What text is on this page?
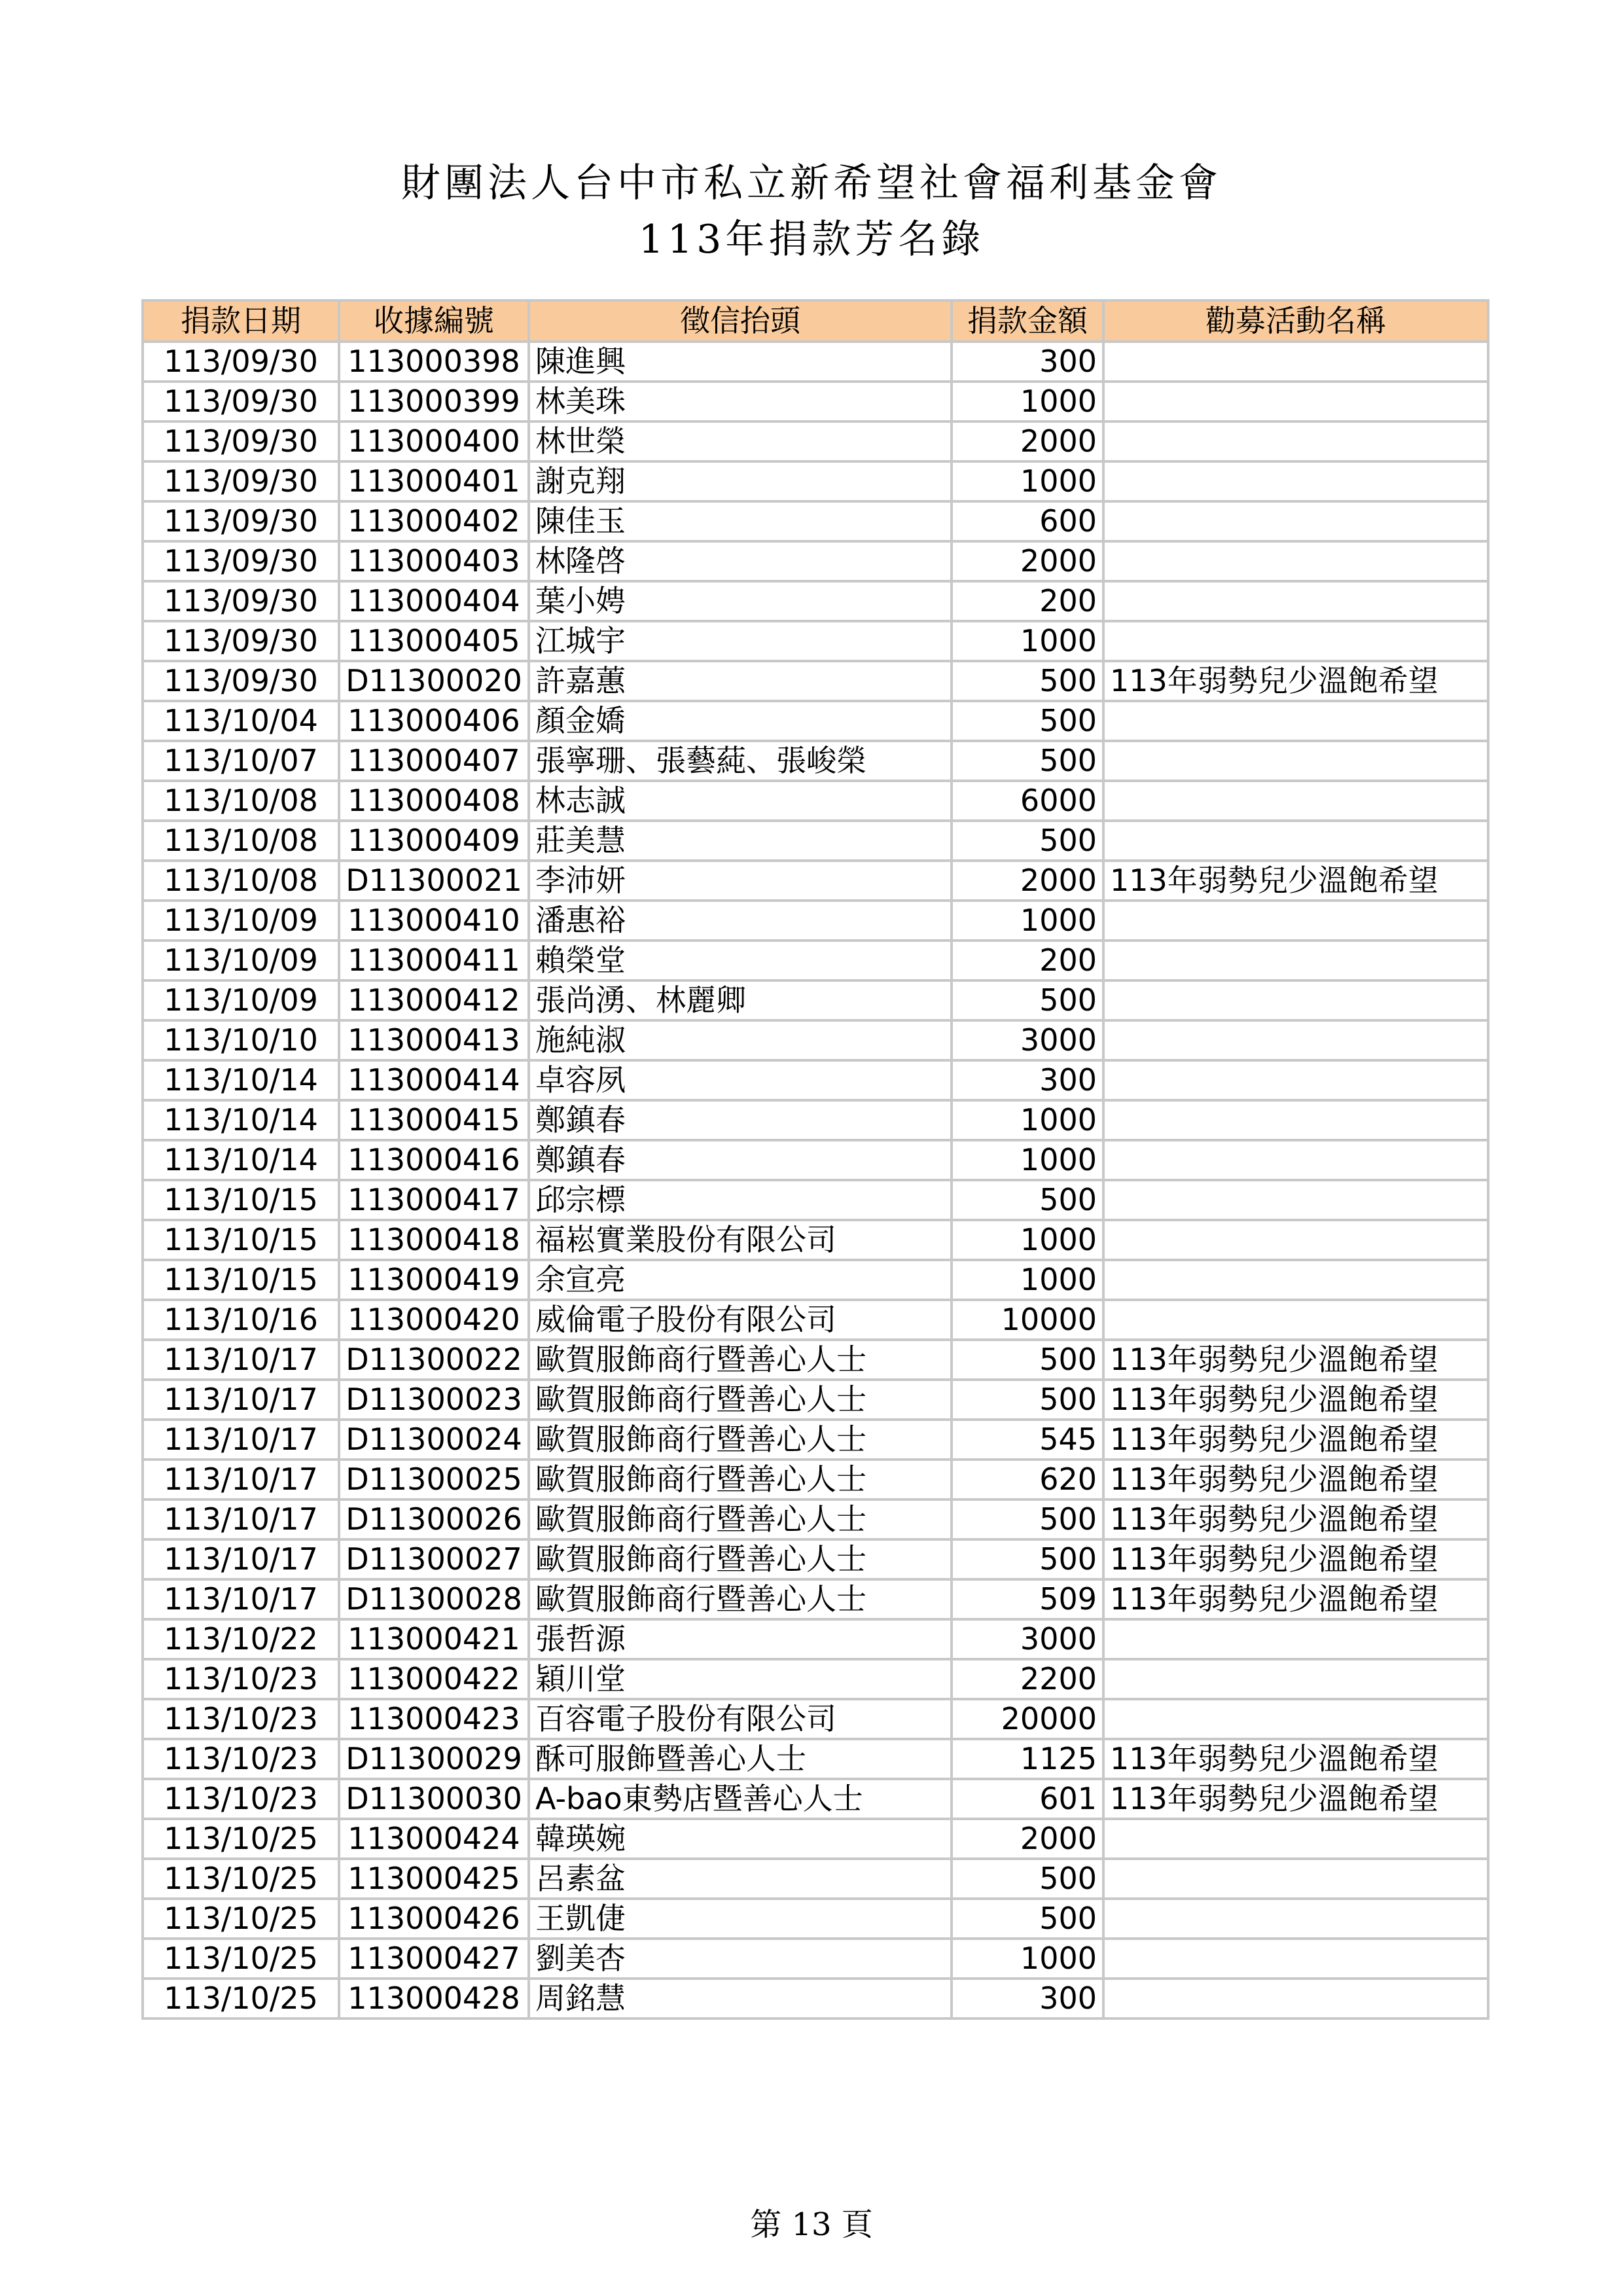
財團法人台中市私立新希望社會福利基金會
113年捐款芳名錄
捐款日期	收據編號	徵信抬頭	捐款金額	勸募活動名稱
113/09/30	113000398	陳進興	300	
113/09/30	113000399	林美珠	1000	
113/09/30	113000400	林世榮	2000	
113/09/30	113000401	謝克翔	1000	
113/09/30	113000402	陳佳玉	600	
113/09/30	113000403	林隆啓	2000	
113/09/30	113000404	葉小娉	200	
113/09/30	113000405	江城宇	1000	
113/09/30	D11300020	許嘉蕙	500	113年弱勢兒少溫飽希望
113/10/04	113000406	顏金嬌	500	
113/10/07	113000407	張寧珊、張藝蒓、張峻榮	500	
113/10/08	113000408	林志誠	6000	
113/10/08	113000409	莊美慧	500	
113/10/08	D11300021	李沛妍	2000	113年弱勢兒少溫飽希望
113/10/09	113000410	潘惠裕	1000	
113/10/09	113000411	賴榮堂	200	
113/10/09	113000412	張尚湧、林麗卿	500	
113/10/10	113000413	施純淑	3000	
113/10/14	113000414	卓容夙	300	
113/10/14	113000415	鄭鎮春	1000	
113/10/14	113000416	鄭鎮春	1000	
113/10/15	113000417	邱宗標	500	
113/10/15	113000418	福崧實業股份有限公司	1000	
113/10/15	113000419	余宣亮	1000	
113/10/16	113000420	威倫電子股份有限公司	10000	
113/10/17	D11300022	歐賀服飾商行暨善心人士	500	113年弱勢兒少溫飽希望
113/10/17	D11300023	歐賀服飾商行暨善心人士	500	113年弱勢兒少溫飽希望
113/10/17	D11300024	歐賀服飾商行暨善心人士	545	113年弱勢兒少溫飽希望
113/10/17	D11300025	歐賀服飾商行暨善心人士	620	113年弱勢兒少溫飽希望
113/10/17	D11300026	歐賀服飾商行暨善心人士	500	113年弱勢兒少溫飽希望
113/10/17	D11300027	歐賀服飾商行暨善心人士	500	113年弱勢兒少溫飽希望
113/10/17	D11300028	歐賀服飾商行暨善心人士	509	113年弱勢兒少溫飽希望
113/10/22	113000421	張哲源	3000	
113/10/23	113000422	穎川堂	2200	
113/10/23	113000423	百容電子股份有限公司	20000	
113/10/23	D11300029	酥可服飾暨善心人士	1125	113年弱勢兒少溫飽希望
113/10/23	D11300030	A-bao東勢店暨善心人士	601	113年弱勢兒少溫飽希望
113/10/25	113000424	韓瑛婉	2000	
113/10/25	113000425	呂素盆	500	
113/10/25	113000426	王凱倢	500	
113/10/25	113000427	劉美杏	1000	
113/10/25	113000428	周銘慧	300	
第 13 頁
